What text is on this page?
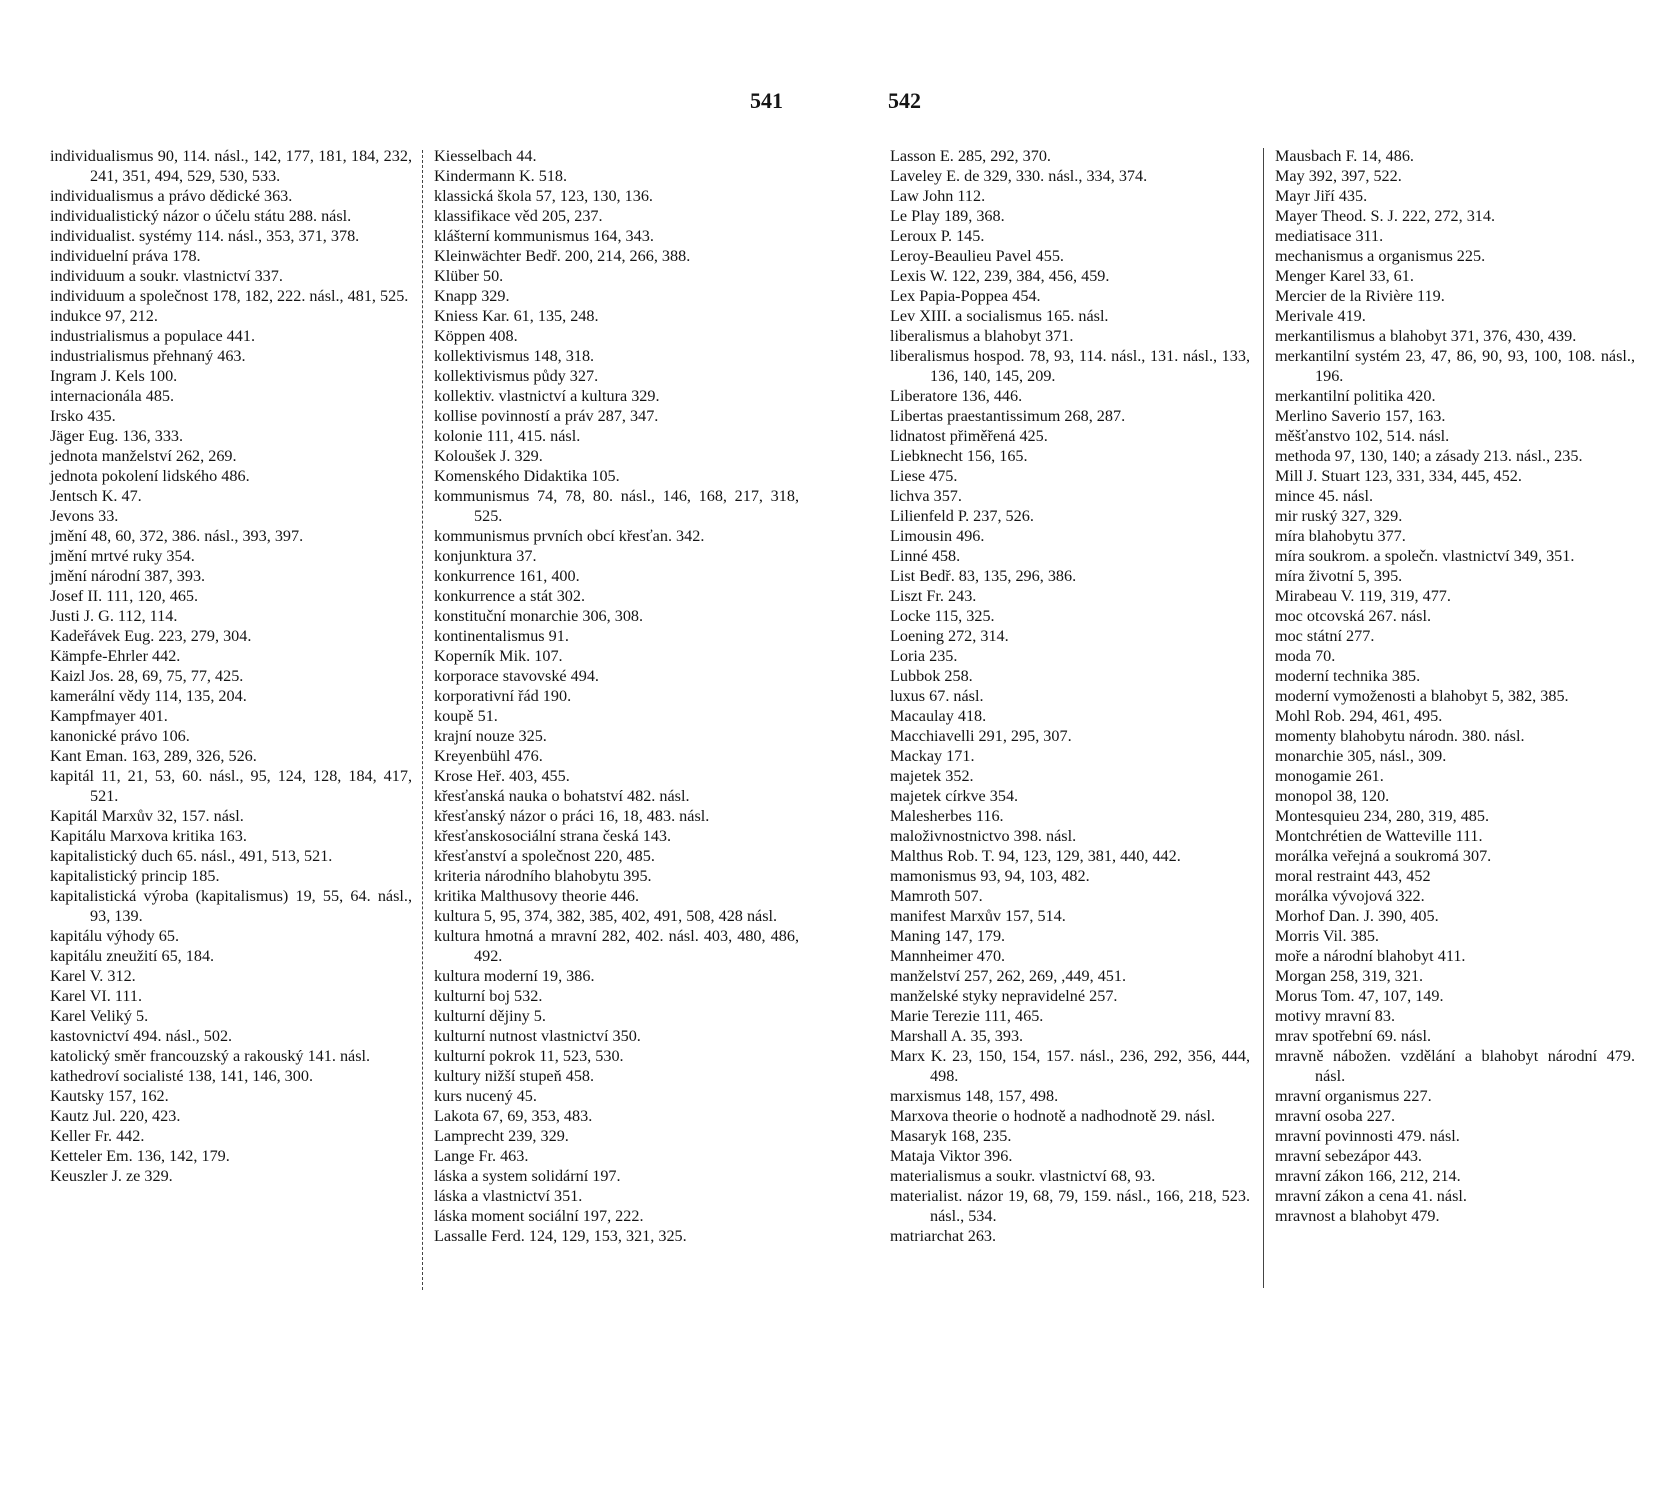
541	542
individualismus 90, 114. násl., 142, 177, 181, 184, 232, 241, 351, 494, 529, 530, 533.
individualismus a právo dědické 363.
individualistický názor o účelu státu 288. násl.
individualist. systémy 114. násl., 353, 371, 378.
individuelní práva 178.
individuum a soukr. vlastnictví 337.
individuum a společnost 178, 182, 222. násl., 481, 525.
indukce 97, 212.
industrialismus a populace 441.
industrialismus přehnaný 463.
Ingram J. Kels 100.
internacionála 485.
Irsko 435.
Jäger Eug. 136, 333.
jednota manželství 262, 269.
jednota pokolení lidského 486.
Jentsch K. 47.
Jevons 33.
jmění 48, 60, 372, 386. násl., 393, 397.
jmění mrtvé ruky 354.
jmění národní 387, 393.
Josef II. 111, 120, 465.
Justi J. G. 112, 114.
Kadeřávek Eug. 223, 279, 304.
Kämpfe-Ehrler 442.
Kaizl Jos. 28, 69, 75, 77, 425.
kamerální vědy 114, 135, 204.
Kampfmayer 401.
kanonické právo 106.
Kant Eman. 163, 289, 326, 526.
kapitál 11, 21, 53, 60. násl., 95, 124, 128, 184, 417, 521.
Kapitál Marxův 32, 157. násl.
Kapitálu Marxova kritika 163.
kapitalistický duch 65. násl., 491, 513, 521.
kapitalistický princip 185.
kapitalistická výroba (kapitalismus) 19, 55, 64. násl., 93, 139.
kapitálu výhody 65.
kapitálu zneužití 65, 184.
Karel V. 312.
Karel VI. 111.
Karel Veliký 5.
kastovnictví 494. násl., 502.
katolický směr francouzský a rakouský 141. násl.
kathedroví socialisté 138, 141, 146, 300.
Kautsky 157, 162.
Kautz Jul. 220, 423.
Keller Fr. 442.
Ketteler Em. 136, 142, 179.
Keuszler J. ze 329.
Kiesselbach 44.
Kindermann K. 518.
klassická škola 57, 123, 130, 136.
klassifikace věd 205, 237.
klášterní kommunismus 164, 343.
Kleinwächter Bedř. 200, 214, 266, 388.
Klüber 50.
Knapp 329.
Kniess Kar. 61, 135, 248.
Köppen 408.
kollektivismus 148, 318.
kollektivismus půdy 327.
kollektiv. vlastnictví a kultura 329.
kollise povinností a práv 287, 347.
kolonie 111, 415. násl.
Koloušek J. 329.
Komenského Didaktika 105.
kommunismus 74, 78, 80. násl., 146, 168, 217, 318, 525.
kommunismus prvních obcí křesťan. 342.
konjunktura 37.
konkurrence 161, 400.
konkurrence a stát 302.
konstituční monarchie 306, 308.
kontinentalismus 91.
Koperník Mik. 107.
korporace stavovské 494.
korporativní řád 190.
koupě 51.
krajní nouze 325.
Kreyenbühl 476.
Krose Heř. 403, 455.
křesťanská nauka o bohatství 482. násl.
křesťanský názor o práci 16, 18, 483. násl.
křesťanskosociální strana česká 143.
křesťanství a společnost 220, 485.
kriteria národního blahobytu 395.
kritika Malthusovy theorie 446.
kultura 5, 95, 374, 382, 385, 402, 491, 508, 428 násl.
kultura hmotná a mravní 282, 402. násl. 403, 480, 486, 492.
kultura moderní 19, 386.
kulturní boj 532.
kulturní dějiny 5.
kulturní nutnost vlastnictví 350.
kulturní pokrok 11, 523, 530.
kultury nižší stupeň 458.
kurs nucený 45.
Lakota 67, 69, 353, 483.
Lamprecht 239, 329.
Lange Fr. 463.
láska a system solidární 197.
láska a vlastnictví 351.
láska moment sociální 197, 222.
Lassalle Ferd. 124, 129, 153, 321, 325.
Lasson E. 285, 292, 370.
Laveley E. de 329, 330. násl., 334, 374.
Law John 112.
Le Play 189, 368.
Leroux P. 145.
Leroy-Beaulieu Pavel 455.
Lexis W. 122, 239, 384, 456, 459.
Lex Papia-Poppea 454.
Lev XIII. a socialismus 165. násl.
liberalismus a blahobyt 371.
liberalismus hospod. 78, 93, 114. násl., 131. násl., 133, 136, 140, 145, 209.
Liberatore 136, 446.
Libertas praestantissimum 268, 287.
lidnatost přiměřená 425.
Liebknecht 156, 165.
Liese 475.
lichva 357.
Lilienfeld P. 237, 526.
Limousin 496.
Linné 458.
List Bedř. 83, 135, 296, 386.
Liszt Fr. 243.
Locke 115, 325.
Loening 272, 314.
Loria 235.
Lubbok 258.
luxus 67. násl.
Macaulay 418.
Macchiavelli 291, 295, 307.
Mackay 171.
majetek 352.
majetek církve 354.
Malesherbes 116.
maloživnostnictvo 398. násl.
Malthus Rob. T. 94, 123, 129, 381, 440, 442.
mamonismus 93, 94, 103, 482.
Mamroth 507.
manifest Marxův 157, 514.
Maning 147, 179.
Mannheimer 470.
manželství 257, 262, 269, ,449, 451.
manželské styky nepravidelné 257.
Marie Terezie 111, 465.
Marshall A. 35, 393.
Marx K. 23, 150, 154, 157. násl., 236, 292, 356, 444, 498.
marxismus 148, 157, 498.
Marxova theorie o hodnotě a nadhodnotě 29. násl.
Masaryk 168, 235.
Mataja Viktor 396.
materialismus a soukr. vlastnictví 68, 93.
materialist. názor 19, 68, 79, 159. násl., 166, 218, 523. násl., 534.
matriarchat 263.
Mausbach F. 14, 486.
May 392, 397, 522.
Mayr Jiří 435.
Mayer Theod. S. J. 222, 272, 314.
mediatisace 311.
mechanismus a organismus 225.
Menger Karel 33, 61.
Mercier de la Rivière 119.
Merivale 419.
merkantilismus a blahobyt 371, 376, 430, 439.
merkantilní systém 23, 47, 86, 90, 93, 100, 108. násl., 196.
merkantilní politika 420.
Merlino Saverio 157, 163.
měšťanstvo 102, 514. násl.
methoda 97, 130, 140; a zásady 213. násl., 235.
Mill J. Stuart 123, 331, 334, 445, 452.
mince 45. násl.
mir ruský 327, 329.
míra blahobytu 377.
míra soukrom. a společn. vlastnictví 349, 351.
míra životní 5, 395.
Mirabeau V. 119, 319, 477.
moc otcovská 267. násl.
moc státní 277.
moda 70.
moderní technika 385.
moderní vymoženosti a blahobyt 5, 382, 385.
Mohl Rob. 294, 461, 495.
momenty blahobytu národn. 380. násl.
monarchie 305, násl., 309.
monogamie 261.
monopol 38, 120.
Montesquieu 234, 280, 319, 485.
Montchrétien de Watteville 111.
morálka veřejná a soukromá 307.
moral restraint 443, 452
morálka vývojová 322.
Morhof Dan. J. 390, 405.
Morris Vil. 385.
moře a národní blahobyt 411.
Morgan 258, 319, 321.
Morus Tom. 47, 107, 149.
motivy mravní 83.
mrav spotřební 69. násl.
mravně nábožen. vzdělání a blahobyt národní 479. násl.
mravní organismus 227.
mravní osoba 227.
mravní povinnosti 479. násl.
mravní sebezápor 443.
mravní zákon 166, 212, 214.
mravní zákon a cena 41. násl.
mravnost a blahobyt 479.
